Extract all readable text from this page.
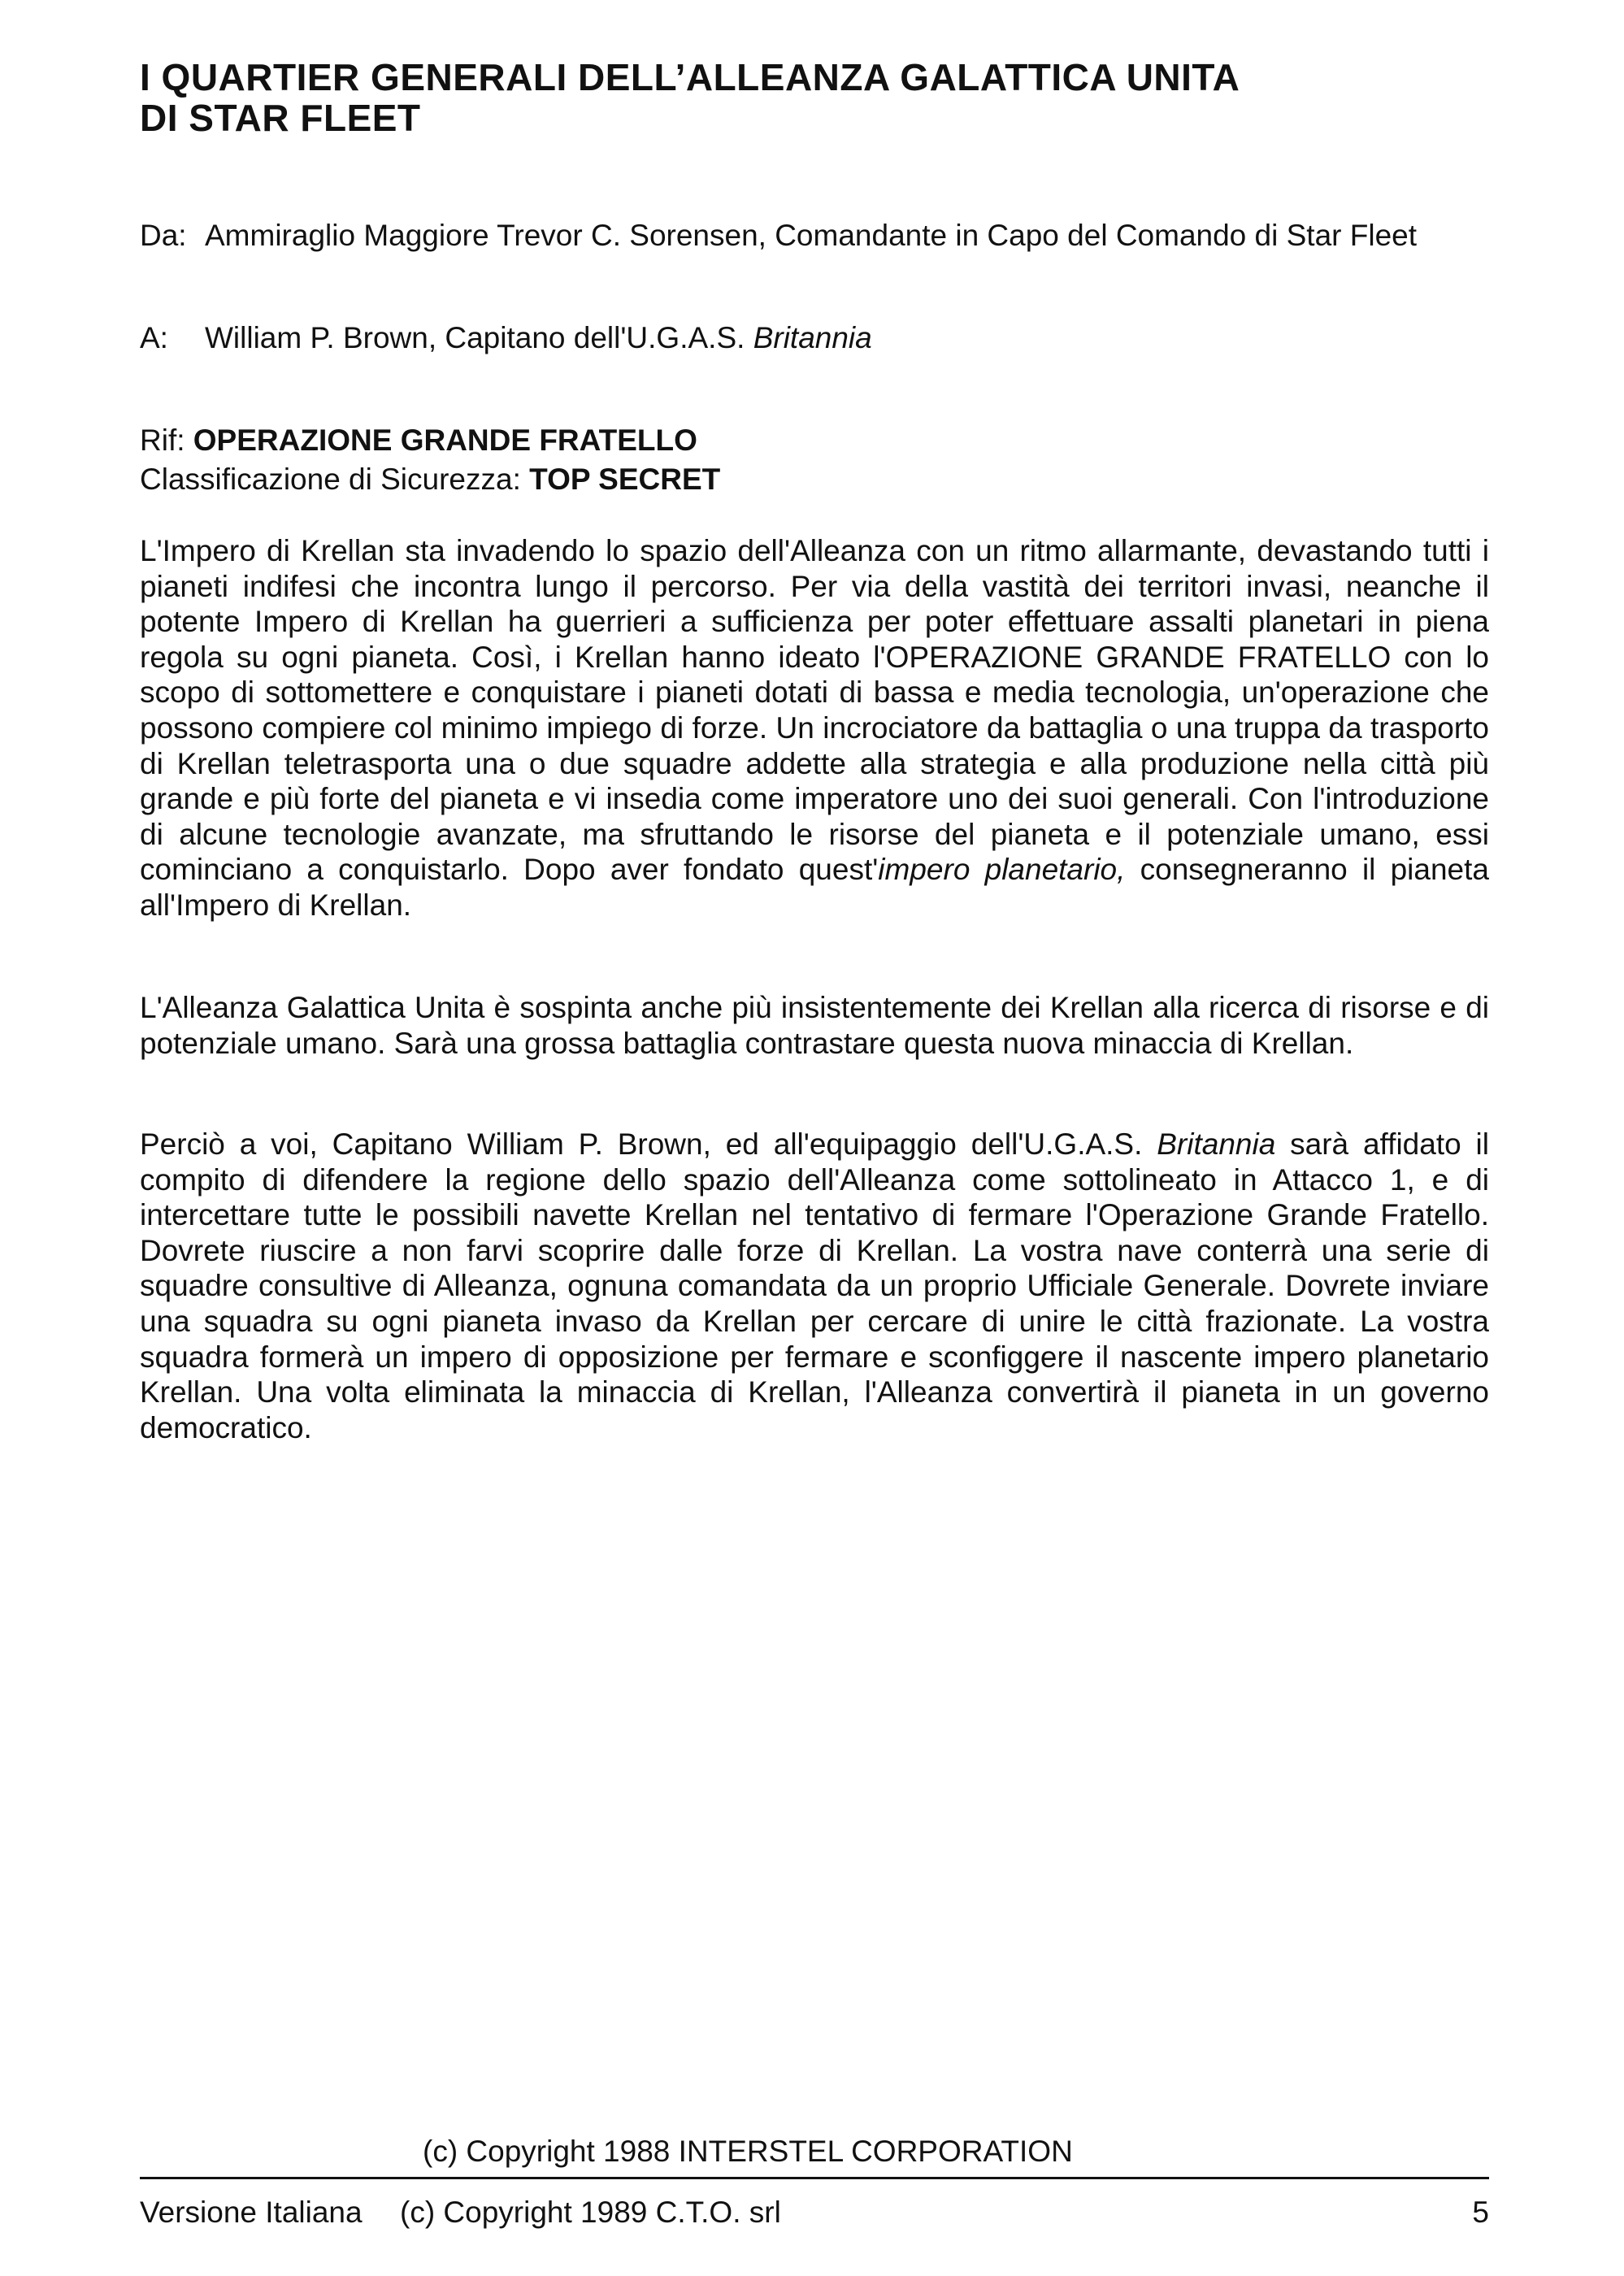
I QUARTIER GENERALI DELL’ALLEANZA GALATTICA UNITA
DI STAR FLEET
Da: Ammiraglio Maggiore Trevor C. Sorensen, Comandante in Capo del Comando di Star Fleet
A: William P. Brown, Capitano dell'U.G.A.S. Britannia
Rif: OPERAZIONE GRANDE FRATELLO
Classificazione di Sicurezza: TOP SECRET

L'Impero di Krellan sta invadendo lo spazio dell'Alleanza con un ritmo allarmante, devastando tutti i pianeti indifesi che incontra lungo il percorso. Per via della vastità dei territori invasi, neanche il potente Impero di Krellan ha guerrieri a sufficienza per poter effettuare assalti planetari in piena regola su ogni pianeta. Così, i Krellan hanno ideato l'OPERAZIONE GRANDE FRATELLO con lo scopo di sottomettere e conquistare i pianeti dotati di bassa e media tecnologia, un'operazione che possono compiere col minimo impiego di forze. Un incrociatore da battaglia o una truppa da trasporto di Krellan teletrasporta una o due squadre addette alla strategia e alla produzione nella città più grande e più forte del pianeta e vi insedia come imperatore uno dei suoi generali. Con l'introduzione di alcune tecnologie avanzate, ma sfruttando le risorse del pianeta e il potenziale umano, essi cominciano a conquistarlo. Dopo aver fondato quest'impero planetario, consegneranno il pianeta all'Impero di Krellan.

L'Alleanza Galattica Unita è sospinta anche più insistentemente dei Krellan alla ricerca di risorse e di potenziale umano. Sarà una grossa battaglia contrastare questa nuova minaccia di Krellan.

Perciò a voi, Capitano William P. Brown, ed all'equipaggio dell'U.G.A.S. Britannia sarà affidato il compito di difendere la regione dello spazio dell'Alleanza come sottolineato in Attacco 1, e di intercettare tutte le possibili navette Krellan nel tentativo di fermare l'Operazione Grande Fratello. Dovrete riuscire a non farvi scoprire dalle forze di Krellan. La vostra nave conterrà una serie di squadre consultive di Alleanza, ognuna comandata da un proprio Ufficiale Generale. Dovrete inviare una squadra su ogni pianeta invaso da Krellan per cercare di unire le città frazionate. La vostra squadra formerà un impero di opposizione per fermare e sconfiggere il nascente impero planetario Krellan. Una volta eliminata la minaccia di Krellan, l'Alleanza convertirà il pianeta in un governo democratico.

(c) Copyright 1988 INTERSTEL CORPORATION
Versione Italiana (c) Copyright 1989 C.T.O. srl	5
